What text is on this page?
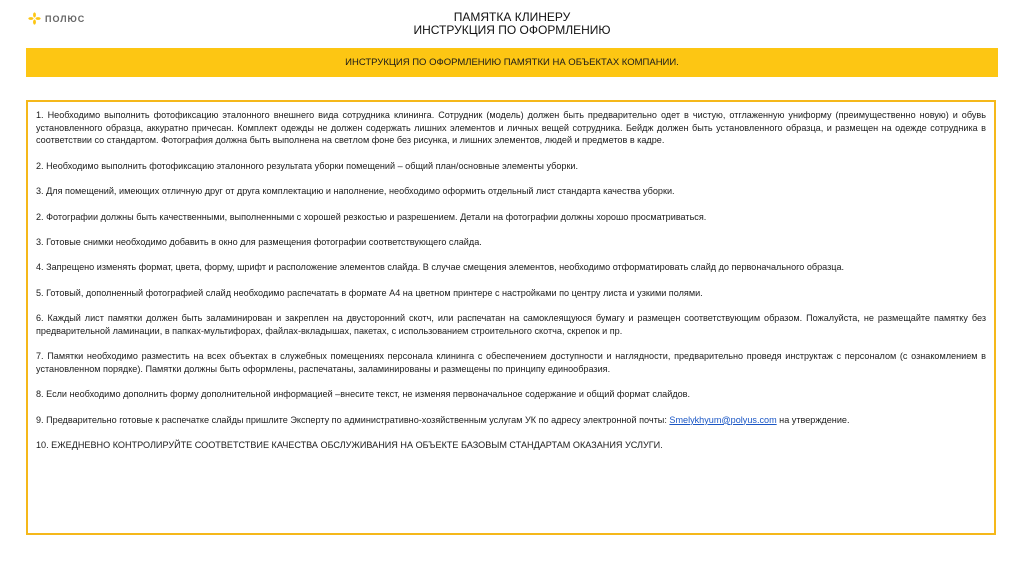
ПОЛЮС	ПАМЯТКА КЛИНЕРУ
ИНСТРУКЦИЯ ПО ОФОРМЛЕНИЮ
ИНСТРУКЦИЯ ПО ОФОРМЛЕНИЮ ПАМЯТКИ НА ОБЪЕКТАХ КОМПАНИИ.

1. Необходимо выполнить фотофиксацию эталонного внешнего вида сотрудника клининга. Сотрудник (модель) должен быть предварительно одет в чистую, отглаженную униформу (преимущественно новую) и обувь установленного образца, аккуратно причесан. Комплект одежды не должен содержать лишних элементов и личных вещей сотрудника. Бейдж должен быть установленного образца, и размещен на одежде сотрудника в соответствии со стандартом. Фотография должна быть выполнена на светлом фоне без рисунка, и лишних элементов, людей и предметов в кадре.

2. Необходимо выполнить фотофиксацию эталонного результата уборки помещений – общий план/основные элементы уборки.

3. Для помещений, имеющих отличную друг от друга комплектацию и наполнение, необходимо оформить отдельный лист стандарта качества уборки.

2. Фотографии должны быть качественными, выполненными с хорошей резкостью и разрешением. Детали на фотографии должны хорошо просматриваться.

3. Готовые снимки необходимо добавить в окно для размещения фотографии соответствующего слайда.

4. Запрещено изменять формат, цвета, форму, шрифт и расположение элементов слайда. В случае смещения элементов, необходимо отформатировать слайд до первоначального образца.

5. Готовый, дополненный фотографией слайд необходимо распечатать в формате А4 на цветном принтере с настройками по центру листа и узкими полями.

6. Каждый лист памятки должен быть заламинирован и закреплен на двусторонний скотч, или распечатан на самоклеящуюся бумагу и размещен соответствующим образом. Пожалуйста, не размещайте памятку без предварительной ламинации, в папках-мультифорах, файлах-вкладышах, пакетах, с использованием строительного скотча, скрепок и пр.

7. Памятки необходимо разместить на всех объектах в служебных помещениях персонала клининга с обеспечением доступности и наглядности, предварительно проведя инструктаж с персоналом (с ознакомлением в установленном порядке). Памятки должны быть оформлены, распечатаны, заламинированы и размещены по принципу единообразия.

8. Если необходимо дополнить форму дополнительной информацией –внесите текст, не изменяя первоначальное содержание и общий формат слайдов.

9. Предварительно готовые к распечатке слайды пришлите Эксперту по административно-хозяйственным услугам УК по адресу электронной почты: Smelykhyum@polyus.com на утверждение.

10. ЕЖЕДНЕВНО КОНТРОЛИРУЙТЕ СООТВЕТСТВИЕ КАЧЕСТВА ОБСЛУЖИВАНИЯ НА ОБЪЕКТЕ БАЗОВЫМ СТАНДАРТАМ ОКАЗАНИЯ УСЛУГИ.
